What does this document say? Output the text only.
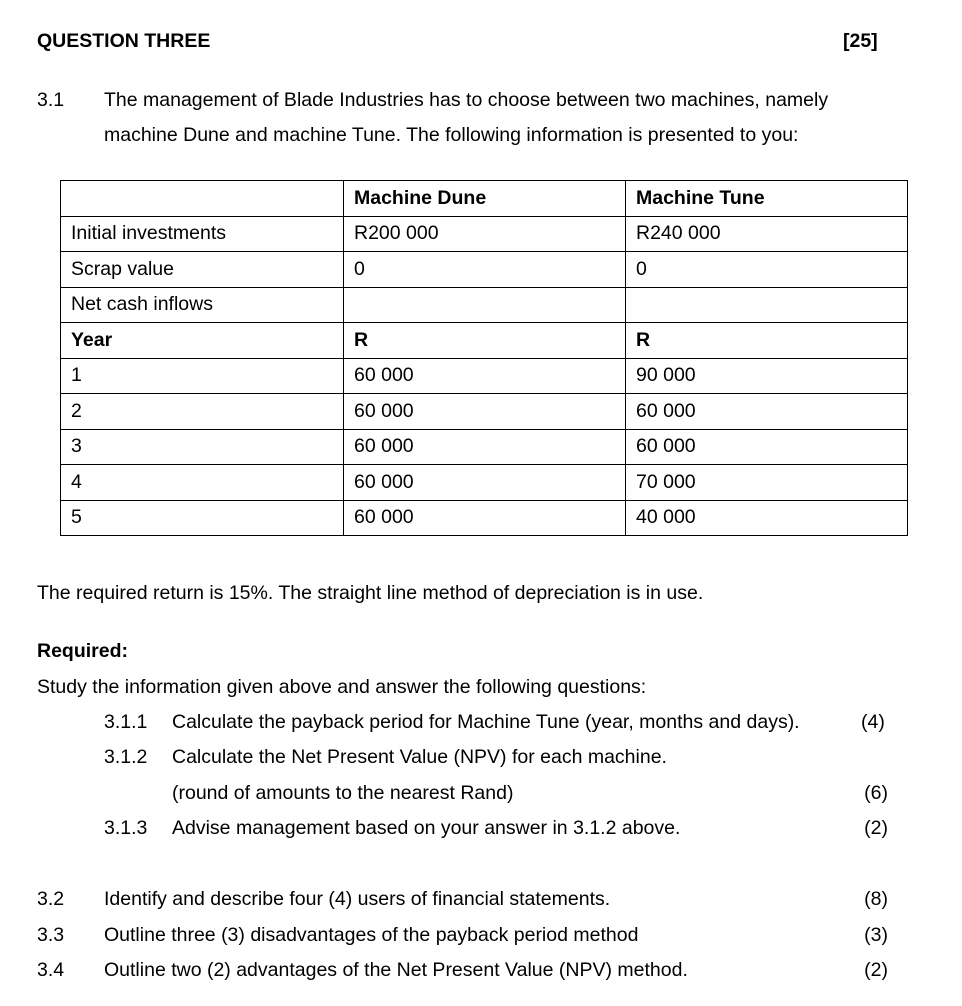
QUESTION THREE	[25]
3.1 The management of Blade Industries has to choose between two machines, namely
machine Dune and machine Tune. The following information is presented to you:
	Machine Dune	Machine Tune
Initial investments	R200 000	R240 000
Scrap value	0	0
Net cash inflows		
Year	R	R
1	60 000	90 000
2	60 000	60 000
3	60 000	60 000
4	60 000	70 000
5	60 000	40 000
The required return is 15%. The straight line method of depreciation is in use.
Required:
Study the information given above and answer the following questions:
3.1.1 Calculate the payback period for Machine Tune (year, months and days).	(4)
3.1.2 Calculate the Net Present Value (NPV) for each machine.
(round of amounts to the nearest Rand)	(6)
3.1.3 Advise management based on your answer in 3.1.2 above.	(2)
3.2 Identify and describe four (4) users of financial statements.	(8)
3.3 Outline three (3) disadvantages of the payback period method	(3)
3.4 Outline two (2) advantages of the Net Present Value (NPV) method.	(2)
